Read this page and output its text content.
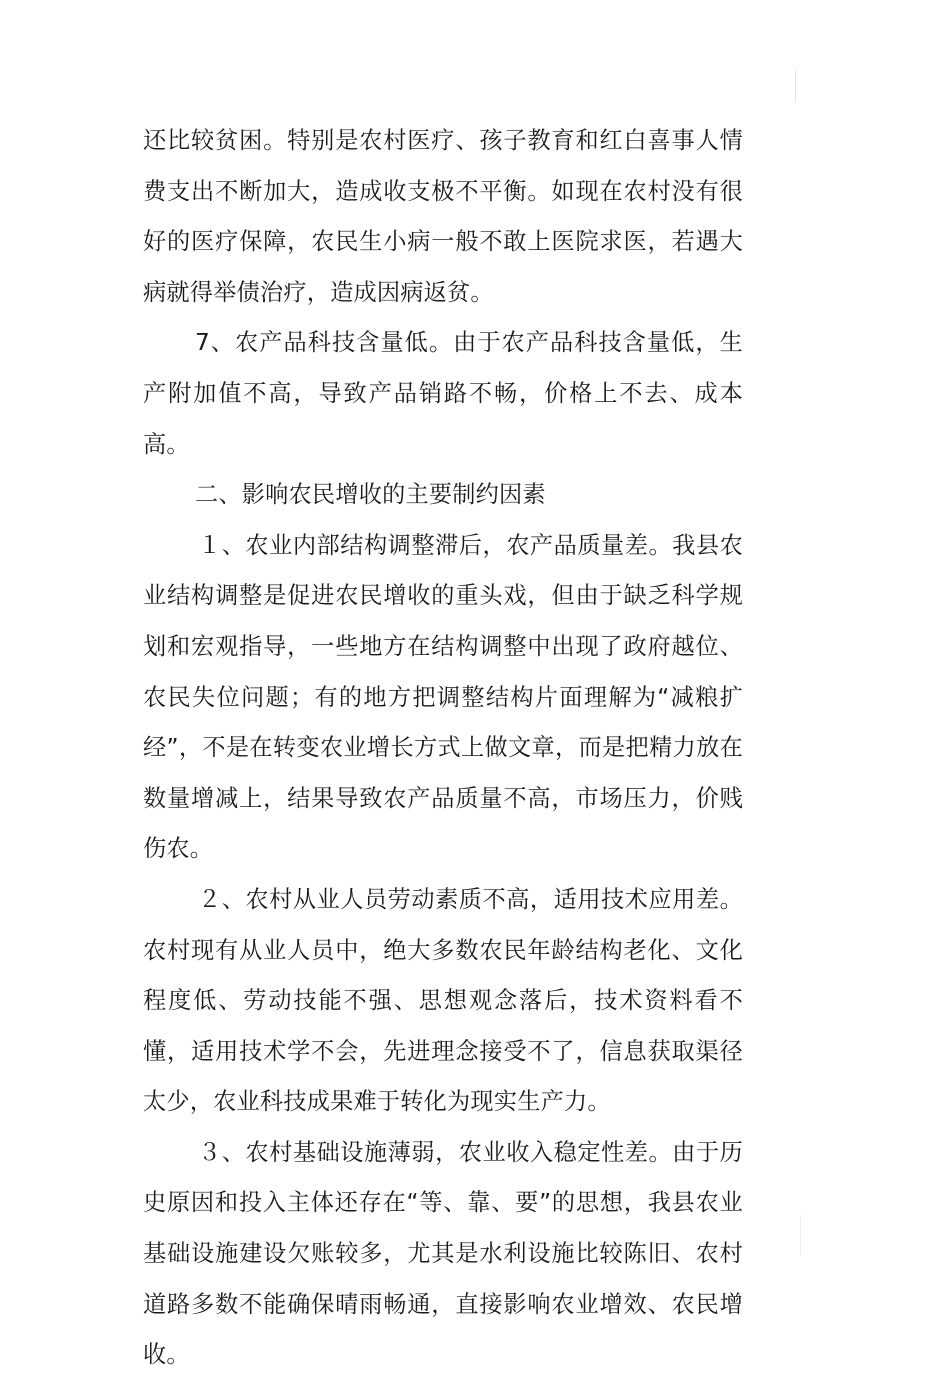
还比较贫困。特别是农村医疗、孩子教育和红白喜事人情费支出不断加大，造成收支极不平衡。如现在农村没有很好的医疗保障，农民生小病一般不敢上医院求医，若遇大病就得举债治疗，造成因病返贫。

7、农产品科技含量低。由于农产品科技含量低，生产附加值不高，导致产品销路不畅，价格上不去、成本高。

二、影响农民增收的主要制约因素

１、农业内部结构调整滞后，农产品质量差。我县农业结构调整是促进农民增收的重头戏，但由于缺乏科学规划和宏观指导，一些地方在结构调整中出现了政府越位、农民失位问题；有的地方把调整结构片面理解为“减粮扩经”，不是在转变农业增长方式上做文章，而是把精力放在数量增减上，结果导致农产品质量不高，市场压力，价贱伤农。

２、农村从业人员劳动素质不高，适用技术应用差。农村现有从业人员中，绝大多数农民年龄结构老化、文化程度低、劳动技能不强、思想观念落后，技术资料看不懂，适用技术学不会，先进理念接受不了，信息获取渠径太少，农业科技成果难于转化为现实生产力。

３、农村基础设施薄弱，农业收入稳定性差。由于历史原因和投入主体还存在“等、靠、要”的思想，我县农业基础设施建设欠账较多，尤其是水利设施比较陈旧、农村道路多数不能确保晴雨畅通，直接影响农业增效、农民增收。
